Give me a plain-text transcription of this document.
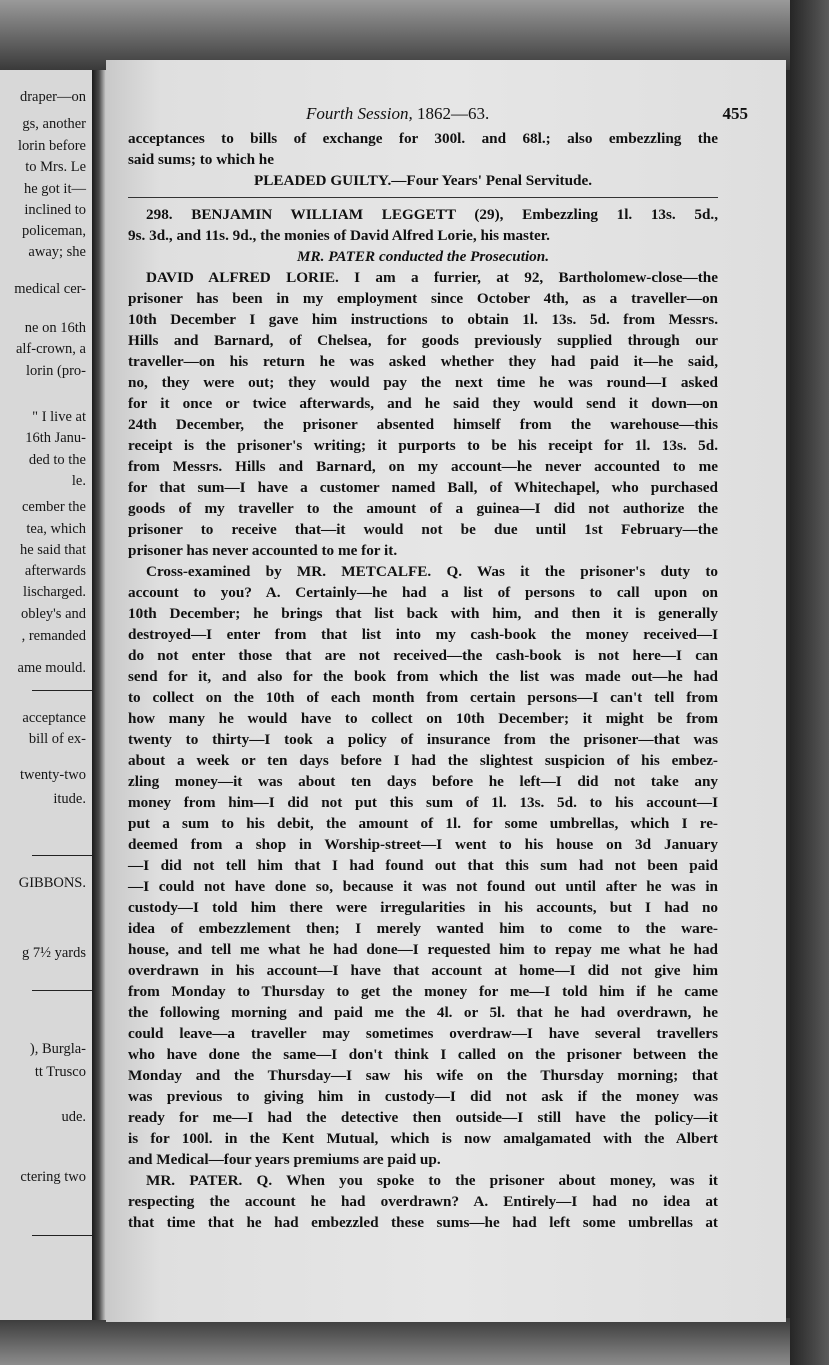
draper—on
gs, another
lorin before
to Mrs. Le
he got it—
inclined to
policeman,
away; she
medical cer-
ne on 16th
alf-crown, a
lorin (pro-
" I live at
16th Janu-
ded to the
le.
cember the
tea, which
he said that
afterwards
lischarged.
obley's and
, remanded
ame mould.
acceptance
bill of ex-
twenty-two
itude.
GIBBONS.
g 7½ yards
), Burgla-
tt Trusco
ude.
ctering two
Fourth Session, 1862—63.	455
acceptances to bills of exchange for 300l. and 68l.; also embezzling the
said sums; to which he
PLEADED GUILTY.—Four Years' Penal Servitude.
298. BENJAMIN WILLIAM LEGGETT (29), Embezzling 1l. 13s. 5d.,
9s. 3d., and 11s. 9d., the monies of David Alfred Lorie, his master.
MR. PATER conducted the Prosecution.
DAVID ALFRED LORIE. I am a furrier, at 92, Bartholomew-close—the
prisoner has been in my employment since October 4th, as a traveller—on
10th December I gave him instructions to obtain 1l. 13s. 5d. from Messrs.
Hills and Barnard, of Chelsea, for goods previously supplied through our
traveller—on his return he was asked whether they had paid it—he said,
no, they were out; they would pay the next time he was round—I asked
for it once or twice afterwards, and he said they would send it down—on
24th December, the prisoner absented himself from the warehouse—this
receipt is the prisoner's writing; it purports to be his receipt for 1l. 13s. 5d.
from Messrs. Hills and Barnard, on my account—he never accounted to me
for that sum—I have a customer named Ball, of Whitechapel, who purchased
goods of my traveller to the amount of a guinea—I did not authorize the
prisoner to receive that—it would not be due until 1st February—the
prisoner has never accounted to me for it.
Cross-examined by MR. METCALFE. Q. Was it the prisoner's duty to
account to you? A. Certainly—he had a list of persons to call upon on
10th December; he brings that list back with him, and then it is generally
destroyed—I enter from that list into my cash-book the money received—I
do not enter those that are not received—the cash-book is not here—I can
send for it, and also for the book from which the list was made out—he had
to collect on the 10th of each month from certain persons—I can't tell from
how many he would have to collect on 10th December; it might be from
twenty to thirty—I took a policy of insurance from the prisoner—that was
about a week or ten days before I had the slightest suspicion of his embez-
zling money—it was about ten days before he left—I did not take any
money from him—I did not put this sum of 1l. 13s. 5d. to his account—I
put a sum to his debit, the amount of 1l. for some umbrellas, which I re-
deemed from a shop in Worship-street—I went to his house on 3d January
—I did not tell him that I had found out that this sum had not been paid
—I could not have done so, because it was not found out until after he was in
custody—I told him there were irregularities in his accounts, but I had no
idea of embezzlement then; I merely wanted him to come to the ware-
house, and tell me what he had done—I requested him to repay me what he had
overdrawn in his account—I have that account at home—I did not give him
from Monday to Thursday to get the money for me—I told him if he came
the following morning and paid me the 4l. or 5l. that he had overdrawn, he
could leave—a traveller may sometimes overdraw—I have several travellers
who have done the same—I don't think I called on the prisoner between the
Monday and the Thursday—I saw his wife on the Thursday morning; that
was previous to giving him in custody—I did not ask if the money was
ready for me—I had the detective then outside—I still have the policy—it
is for 100l. in the Kent Mutual, which is now amalgamated with the Albert
and Medical—four years premiums are paid up.
MR. PATER. Q. When you spoke to the prisoner about money, was it
respecting the account he had overdrawn? A. Entirely—I had no idea at
that time that he had embezzled these sums—he had left some umbrellas at
